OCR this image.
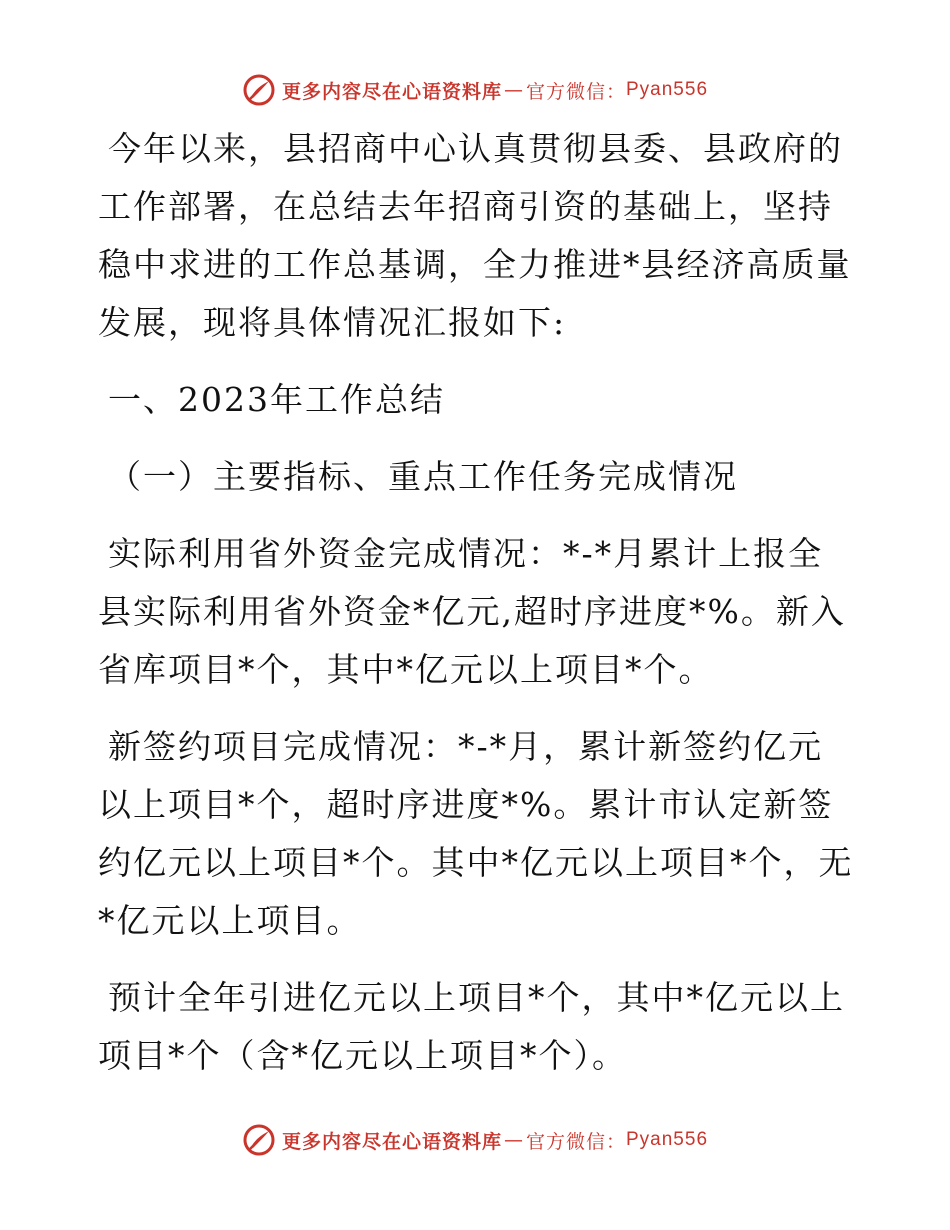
更多内容尽在心语资料库 — 官方微信： Pyan556

今年以来，县招商中心认真贯彻县委、县政府的工作部署，在总结去年招商引资的基础上，坚持稳中求进的工作总基调，全力推进*县经济高质量发展，现将具体情况汇报如下:

一、2023年工作总结

（一）主要指标、重点工作任务完成情况

实际利用省外资金完成情况：*-*月累计上报全县实际利用省外资金*亿元,超时序进度*%。新入省库项目*个，其中*亿元以上项目*个。

新签约项目完成情况：*-*月，累计新签约亿元以上项目*个，超时序进度*%。累计市认定新签约亿元以上项目*个。其中*亿元以上项目*个，无*亿元以上项目。

预计全年引进亿元以上项目*个，其中*亿元以上项目*个（含*亿元以上项目*个）。

更多内容尽在心语资料库 — 官方微信： Pyan556
